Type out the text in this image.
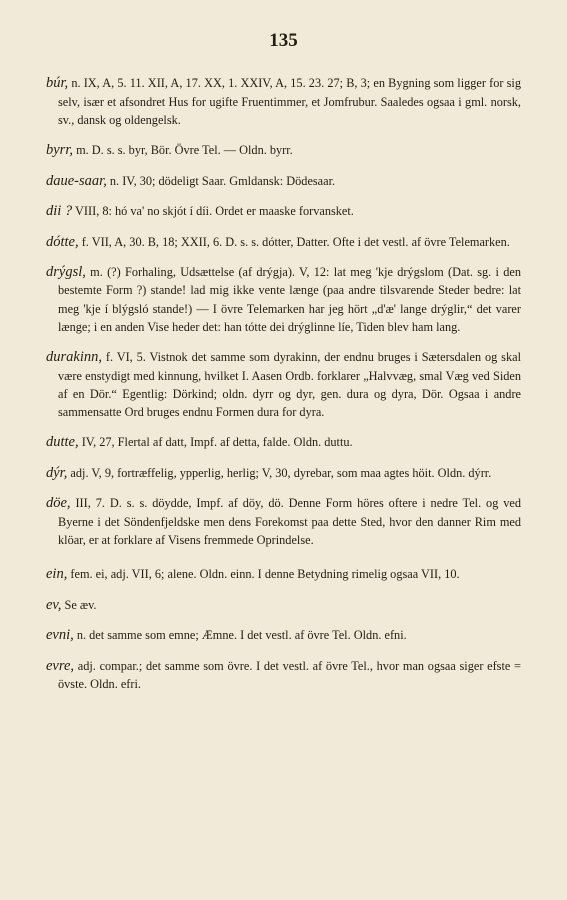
135

búr, n. IX, A, 5. 11. XII, A, 17. XX, 1. XXIV, A, 15. 23. 27; B, 3; en Bygning som ligger for sig selv, især et afsondret Hus for ugifte Fruentimmer, et Jomfrubur. Saaledes ogsaa i gml. norsk, sv., dansk og oldengelsk.

byrr, m. D. s. s. byr, Bör. Övre Tel. — Oldn. byrr.

daue-saar, n. IV, 30; dödeligt Saar. Gmldansk: Dödesaar.

dii ? VIII, 8: hó va' no skjót í díi. Ordet er maaske forvansket.

dótte, f. VII, A, 30. B, 18; XXII, 6. D. s. s. dótter, Datter. Ofte i det vestl. af övre Telemarken.

drýgsl, m. (?) Forhaling, Udsættelse (af drýgja). V, 12: lat meg 'kje drýgslom (Dat. sg. i den bestemte Form ?) stande! lad mig ikke vente længe (paa andre tilsvarende Steder bedre: lat meg 'kje í blýgsló stande!) — I övre Telemarken har jeg hört „d'æ' lange drýglir,“ det varer længe; i en anden Vise heder det: han tótte dei drýglinne líe, Tiden blev ham lang.

durakinn, f. VI, 5. Vistnok det samme som dyrakinn, der endnu bruges i Sætersdalen og skal være enstydigt med kinnung, hvilket I. Aasen Ordb. forklarer „Halvvæg, smal Væg ved Siden af en Dör.“ Egentlig: Dörkind; oldn. dyrr og dyr, gen. dura og dyra, Dör. Ogsaa i andre sammensatte Ord bruges endnu Formen dura for dyra.

dutte, IV, 27, Flertal af datt, Impf. af detta, falde. Oldn. duttu.

dýr, adj. V, 9, fortræffelig, ypperlig, herlig; V, 30, dyrebar, som maa agtes höit. Oldn. dýrr.

döe, III, 7. D. s. s. döydde, Impf. af döy, dö. Denne Form höres oftere i nedre Tel. og ved Byerne i det Söndenfjeldske men dens Forekomst paa dette Sted, hvor den danner Rim med klöar, er at forklare af Visens fremmede Oprindelse.

ein, fem. ei, adj. VII, 6; alene. Oldn. einn. I denne Betydning rimelig ogsaa VII, 10.

ev, Se æv.

evni, n. det samme som emne; Æmne. I det vestl. af övre Tel. Oldn. efni.

evre, adj. compar.; det samme som övre. I det vestl. af övre Tel., hvor man ogsaa siger efste = övste. Oldn. efri.
